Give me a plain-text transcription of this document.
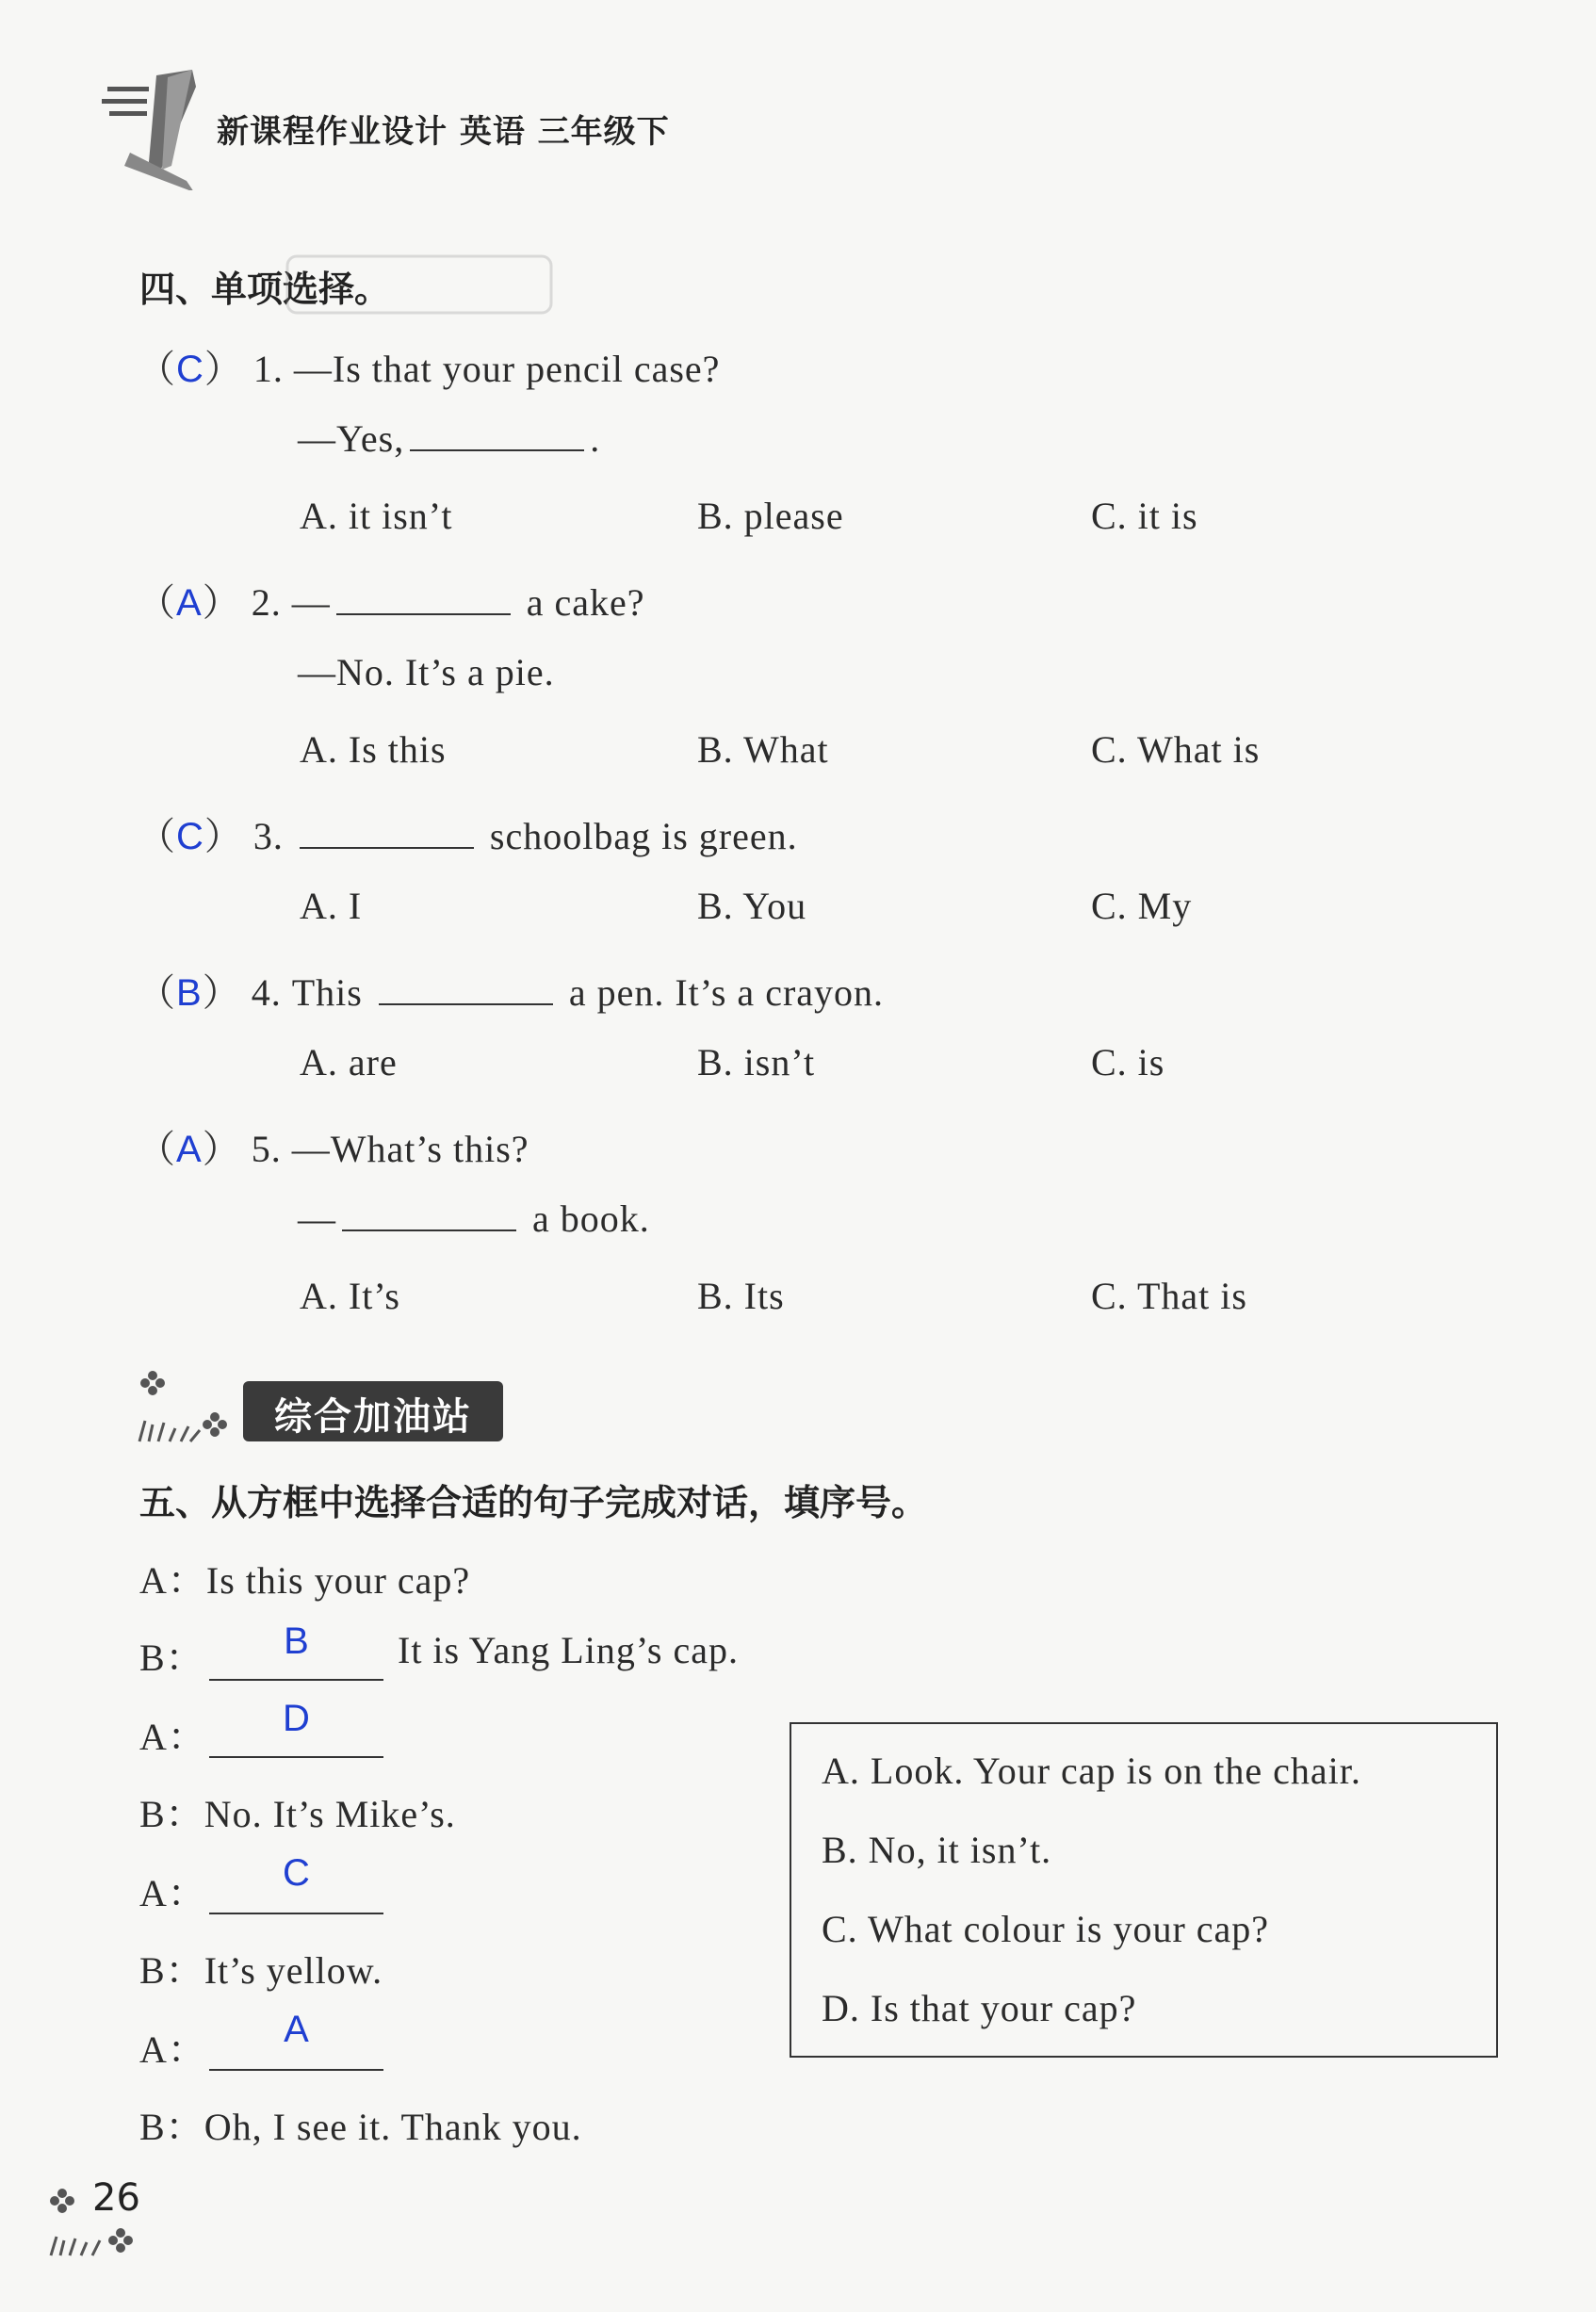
新课程作业设计 英语 三年级下
四、单项选择。
（C） 1. —Is that your pencil case?
—Yes,	.
A. it isn’t	B. please	C. it is
（A） 2. —	a cake?
—No. It’s a pie.
A. Is this	B. What	C. What is
（C） 3.	schoolbag is green.
A. I	B. You	C. My
（B） 4. This	a pen. It’s a crayon.
A. are	B. isn’t	C. is
（A） 5. —What’s this?
—	a book.
A. It’s	B. Its	C. That is
综合加油站
五、从方框中选择合适的句子完成对话，填序号。
A：Is this your cap?
B：	B	It is Yang Ling’s cap.
A：	D
B：No. It’s Mike’s.
A：	C
B：It’s yellow.
A：	A
B：Oh, I see it. Thank you.
A. Look. Your cap is on the chair.
B. No, it isn’t.
C. What colour is your cap?
D. Is that your cap?
26
